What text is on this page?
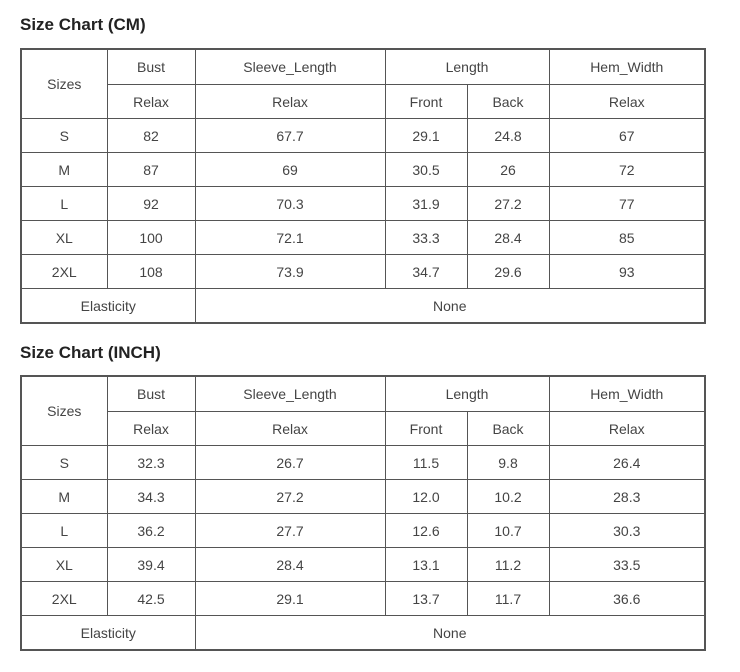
Size Chart (CM)
Sizes	Bust	Sleeve_Length	Length		Hem_Width
	Relax	Relax	Front	Back	Relax
S	82	67.7	29.1	24.8	67
M	87	69	30.5	26	72
L	92	70.3	31.9	27.2	77
XL	100	72.1	33.3	28.4	85
2XL	108	73.9	34.7	29.6	93
Elasticity		None			
Size Chart (INCH)
Sizes	Bust	Sleeve_Length	Length		Hem_Width
	Relax	Relax	Front	Back	Relax
S	32.3	26.7	11.5	9.8	26.4
M	34.3	27.2	12.0	10.2	28.3
L	36.2	27.7	12.6	10.7	30.3
XL	39.4	28.4	13.1	11.2	33.5
2XL	42.5	29.1	13.7	11.7	36.6
Elasticity		None			
